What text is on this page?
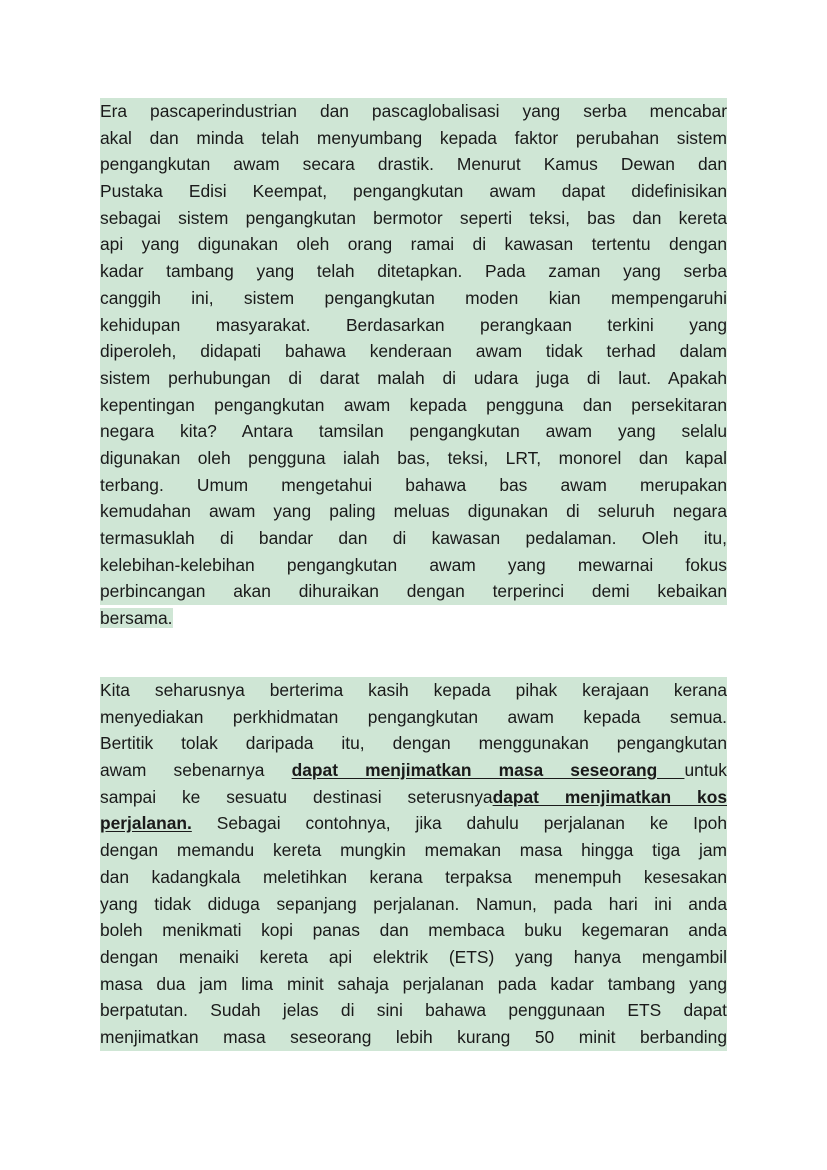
Era pascaperindustrian dan pascaglobalisasi yang serba mencabar
akal dan minda telah menyumbang kepada faktor perubahan sistem
pengangkutan awam secara drastik. Menurut Kamus Dewan dan
Pustaka Edisi Keempat, pengangkutan awam dapat didefinisikan
sebagai sistem pengangkutan bermotor seperti teksi, bas dan kereta
api yang digunakan oleh orang ramai di kawasan tertentu dengan
kadar tambang yang telah ditetapkan. Pada zaman yang serba
canggih ini, sistem pengangkutan moden kian mempengaruhi
kehidupan masyarakat. Berdasarkan perangkaan terkini yang
diperoleh, didapati bahawa kenderaan awam tidak terhad dalam
sistem perhubungan di darat malah di udara juga di laut. Apakah
kepentingan pengangkutan awam kepada pengguna dan persekitaran
negara kita? Antara tamsilan pengangkutan awam yang selalu
digunakan oleh pengguna ialah bas, teksi, LRT, monorel dan kapal
terbang. Umum mengetahui bahawa bas awam merupakan
kemudahan awam yang paling meluas digunakan di seluruh negara
termasuklah di bandar dan di kawasan pedalaman. Oleh itu,
kelebihan-kelebihan pengangkutan awam yang mewarnai fokus
perbincangan akan dihuraikan dengan terperinci demi kebaikan
bersama.
Kita seharusnya berterima kasih kepada pihak kerajaan kerana
menyediakan perkhidmatan pengangkutan awam kepada semua.
Bertitik tolak daripada itu, dengan menggunakan pengangkutan
awam sebenarnya dapat menjimatkan masa seseorang untuk
sampai ke sesuatu destinasi seterusnyadapat menjimatkan kos
perjalanan. Sebagai contohnya, jika dahulu perjalanan ke Ipoh
dengan memandu kereta mungkin memakan masa hingga tiga jam
dan kadangkala meletihkan kerana terpaksa menempuh kesesakan
yang tidak diduga sepanjang perjalanan. Namun, pada hari ini anda
boleh menikmati kopi panas dan membaca buku kegemaran anda
dengan menaiki kereta api elektrik (ETS) yang hanya mengambil
masa dua jam lima minit sahaja perjalanan pada kadar tambang yang
berpatutan. Sudah jelas di sini bahawa penggunaan ETS dapat
menjimatkan masa seseorang lebih kurang 50 minit berbanding
